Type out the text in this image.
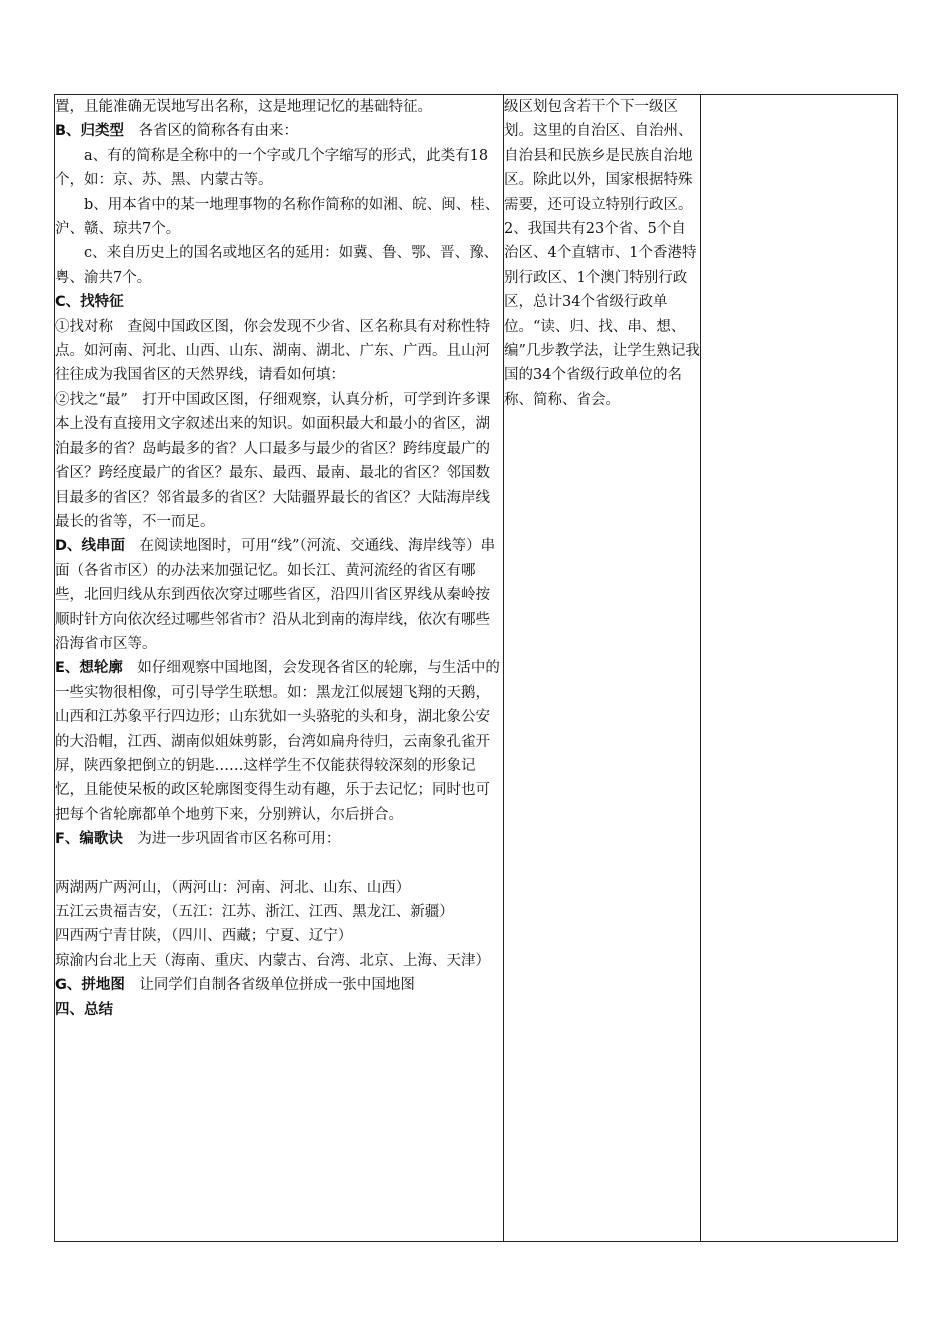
置，且能准确无误地写出名称，这是地理记忆的基础特征。

B、归类型　各省区的简称各有由来：

a、有的简称是全称中的一个字或几个字缩写的形式，此类有18个，如：京、苏、黑、内蒙古等。

b、用本省中的某一地理事物的名称作简称的如湘、皖、闽、桂、沪、赣、琼共7个。

c、来自历史上的国名或地区名的延用：如冀、鲁、鄂、晋、豫、粤、渝共7个。

C、找特征

①找对称　查阅中国政区图，你会发现不少省、区名称具有对称性特点。如河南、河北、山西、山东、湖南、湖北、广东、广西。且山河往往成为我国省区的天然界线，请看如何填：

②找之“最”　打开中国政区图，仔细观察，认真分析，可学到许多课本上没有直接用文字叙述出来的知识。如面积最大和最小的省区，湖泊最多的省？岛屿最多的省？人口最多与最少的省区？跨纬度最广的省区？跨经度最广的省区？最东、最西、最南、最北的省区？邻国数目最多的省区？邻省最多的省区？大陆疆界最长的省区？大陆海岸线最长的省等，不一而足。

D、线串面　在阅读地图时，可用“线”（河流、交通线、海岸线等）串面（各省市区）的办法来加强记忆。如长江、黄河流经的省区有哪些，北回归线从东到西依次穿过哪些省区，沿四川省区界线从秦岭按顺时针方向依次经过哪些邻省市？沿从北到南的海岸线，依次有哪些沿海省市区等。

E、想轮廓　如仔细观察中国地图，会发现各省区的轮廓，与生活中的一些实物很相像，可引导学生联想。如：黑龙江似展翅飞翔的天鹅，山西和江苏象平行四边形；山东犹如一头骆驼的头和身，湖北象公安的大沿帽，江西、湖南似姐妹剪影，台湾如扁舟待归，云南象孔雀开屏，陕西象把倒立的钥匙……这样学生不仅能获得较深刻的形象记忆，且能使呆板的政区轮廓图变得生动有趣，乐于去记忆；同时也可把每个省轮廓都单个地剪下来，分别辨认，尔后拼合。

F、编歌诀　为进一步巩固省市区名称可用：

两湖两广两河山，（两河山：河南、河北、山东、山西）

五江云贵福吉安，（五江：江苏、浙江、江西、黑龙江、新疆）

四西两宁青甘陕，（四川、西藏；宁夏、辽宁）

琼渝内台北上天（海南、重庆、内蒙古、台湾、北京、上海、天津）

G、拼地图　让同学们自制各省级单位拼成一张中国地图

四、总结

级区划包含若干个下一级区划。这里的自治区、自治州、自治县和民族乡是民族自治地区。除此以外，国家根据特殊需要，还可设立特别行政区。

2、我国共有23个省、5个自治区、4个直辖市、1个香港特别行政区、1个澳门特别行政区，总计34个省级行政单位。“读、归、找、串、想、编”几步教学法，让学生熟记我国的34个省级行政单位的名称、简称、省会。
